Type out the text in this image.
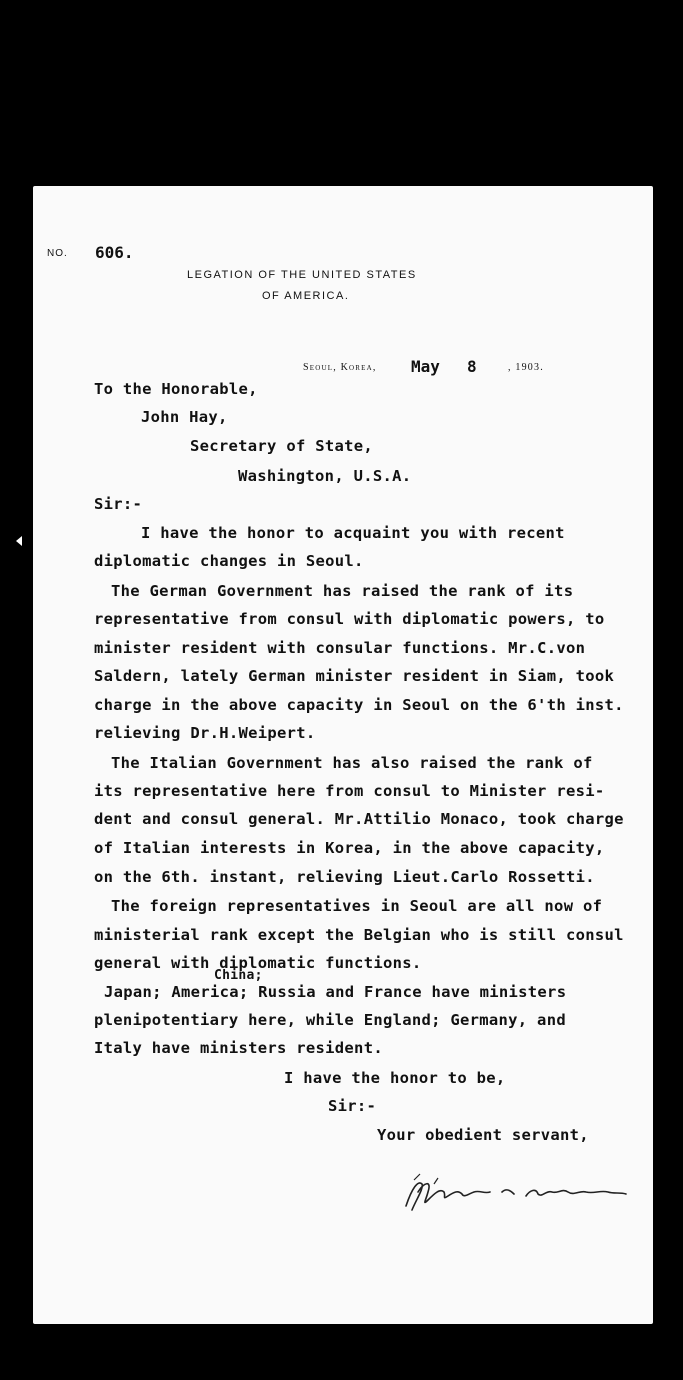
NO. 606.
LEGATION OF THE UNITED STATES
OF AMERICA.
Seoul, Korea, May 8	, 1903.
To the Honorable,
John Hay,
Secretary of State,
Washington, U.S.A.
Sir:-
I have the honor to acquaint you with recent
diplomatic changes in Seoul.
The German Government has raised the rank of its
representative from consul with diplomatic powers, to
minister resident with consular functions. Mr.C.von
Saldern, lately German minister resident in Siam, took
charge in the above capacity in Seoul on the 6'th inst.
relieving Dr.H.Weipert.
The Italian Government has also raised the rank of
its representative here from consul to Minister resi-
dent and consul general. Mr.Attilio Monaco, took charge
of Italian interests in Korea, in the above capacity,
on the 6th. instant, relieving Lieut.Carlo Rossetti.
The foreign representatives in Seoul are all now of
ministerial rank except the Belgian who is still consul
general with diplomatic functions.
China;
Japan; America; Russia and France have ministers
plenipotentiary here, while England; Germany, and
Italy have ministers resident.
I have the honor to be,
Sir:-
Your obedient servant,
